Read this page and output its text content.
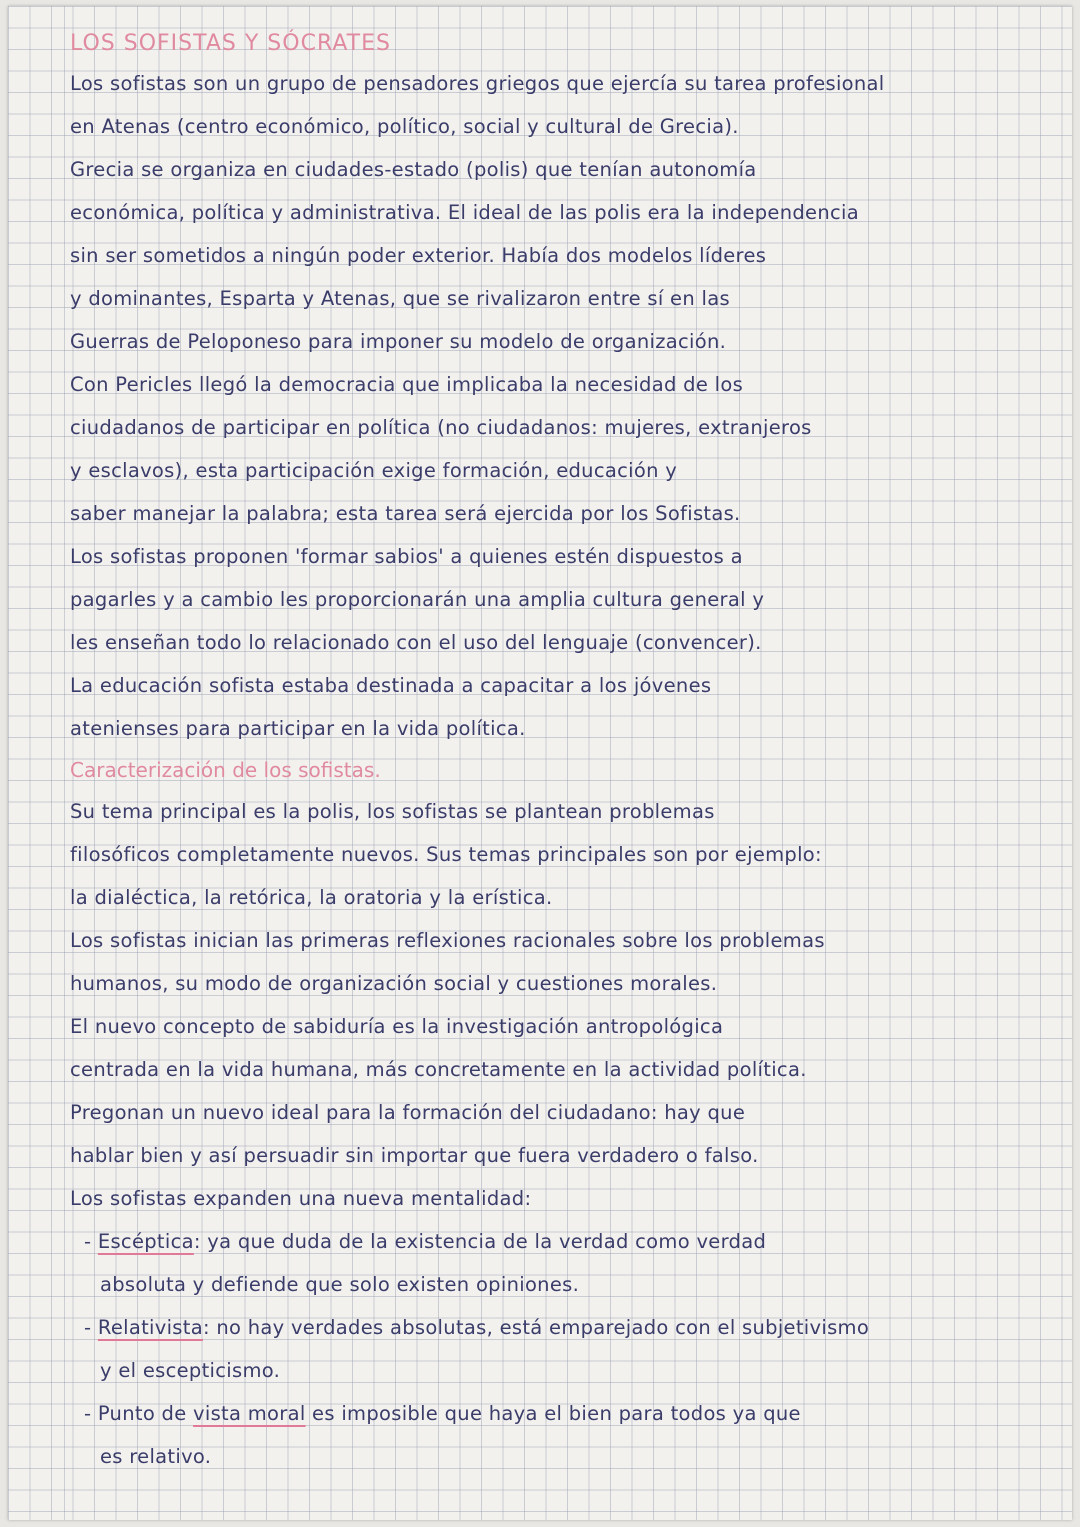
LOS SOFISTAS Y SÓCRATES
Los sofistas son un grupo de pensadores griegos que ejercía su tarea profesional
en Atenas (centro económico, político, social y cultural de Grecia).
Grecia se organiza en ciudades-estado (polis) que tenían autonomía
económica, política y administrativa. El ideal de las polis era la independencia
sin ser sometidos a ningún poder exterior. Había dos modelos líderes
y dominantes, Esparta y Atenas, que se rivalizaron entre sí en las
Guerras de Peloponeso para imponer su modelo de organización.
Con Pericles llegó la democracia que implicaba la necesidad de los
ciudadanos de participar en política (no ciudadanos: mujeres, extranjeros
y esclavos), esta participación exige formación, educación y
saber manejar la palabra; esta tarea será ejercida por los Sofistas.
Los sofistas proponen 'formar sabios' a quienes estén dispuestos a
pagarles y a cambio les proporcionarán una amplia cultura general y
les enseñan todo lo relacionado con el uso del lenguaje (convencer).
La educación sofista estaba destinada a capacitar a los jóvenes
atenienses para participar en la vida política.
Caracterización de los sofistas.
Su tema principal es la polis, los sofistas se plantean problemas
filosóficos completamente nuevos. Sus temas principales son por ejemplo:
la dialéctica, la retórica, la oratoria y la erística.
Los sofistas inician las primeras reflexiones racionales sobre los problemas
humanos, su modo de organización social y cuestiones morales.
El nuevo concepto de sabiduría es la investigación antropológica
centrada en la vida humana, más concretamente en la actividad política.
Pregonan un nuevo ideal para la formación del ciudadano: hay que
hablar bien y así persuadir sin importar que fuera verdadero o falso.
Los sofistas expanden una nueva mentalidad:
- Escéptica: ya que duda de la existencia de la verdad como verdad
absoluta y defiende que solo existen opiniones.
- Relativista: no hay verdades absolutas, está emparejado con el subjetivismo
y el escepticismo.
- Punto de vista moral es imposible que haya el bien para todos ya que
es relativo.
